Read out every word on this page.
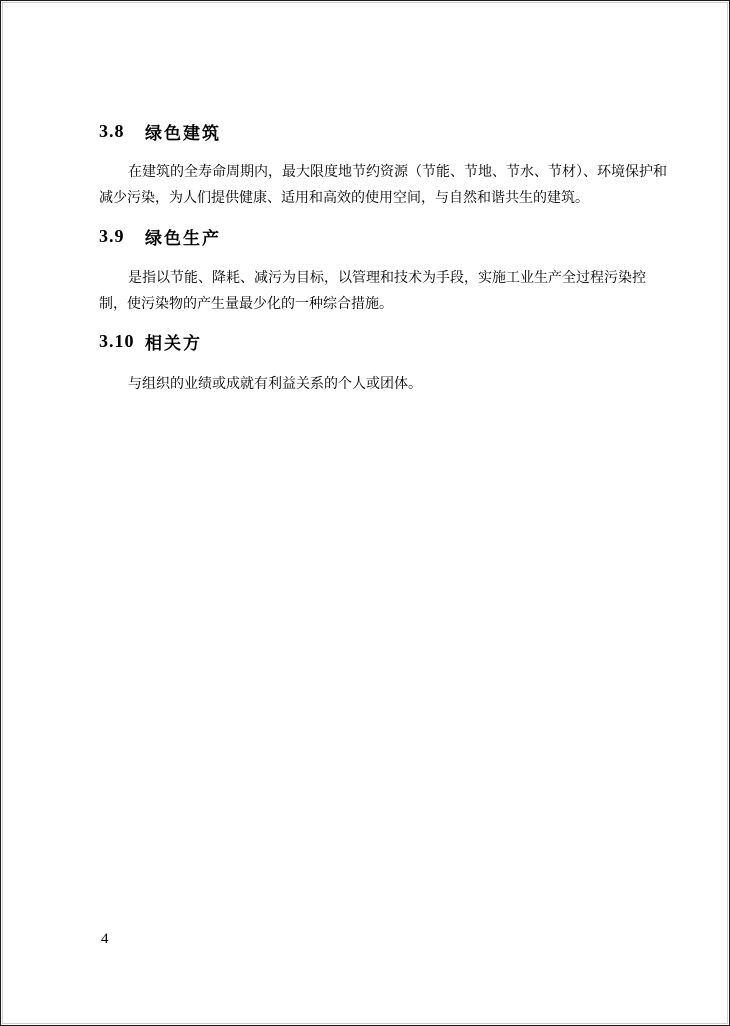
3.8	绿色建筑
在建筑的全寿命周期内，最大限度地节约资源（节能、节地、节水、节材）、环境保护和
减少污染，为人们提供健康、适用和高效的使用空间，与自然和谐共生的建筑。
3.9	绿色生产
是指以节能、降耗、减污为目标，以管理和技术为手段，实施工业生产全过程污染控
制，使污染物的产生量最少化的一种综合措施。
3.10 相关方
与组织的业绩或成就有利益关系的个人或团体。
4
